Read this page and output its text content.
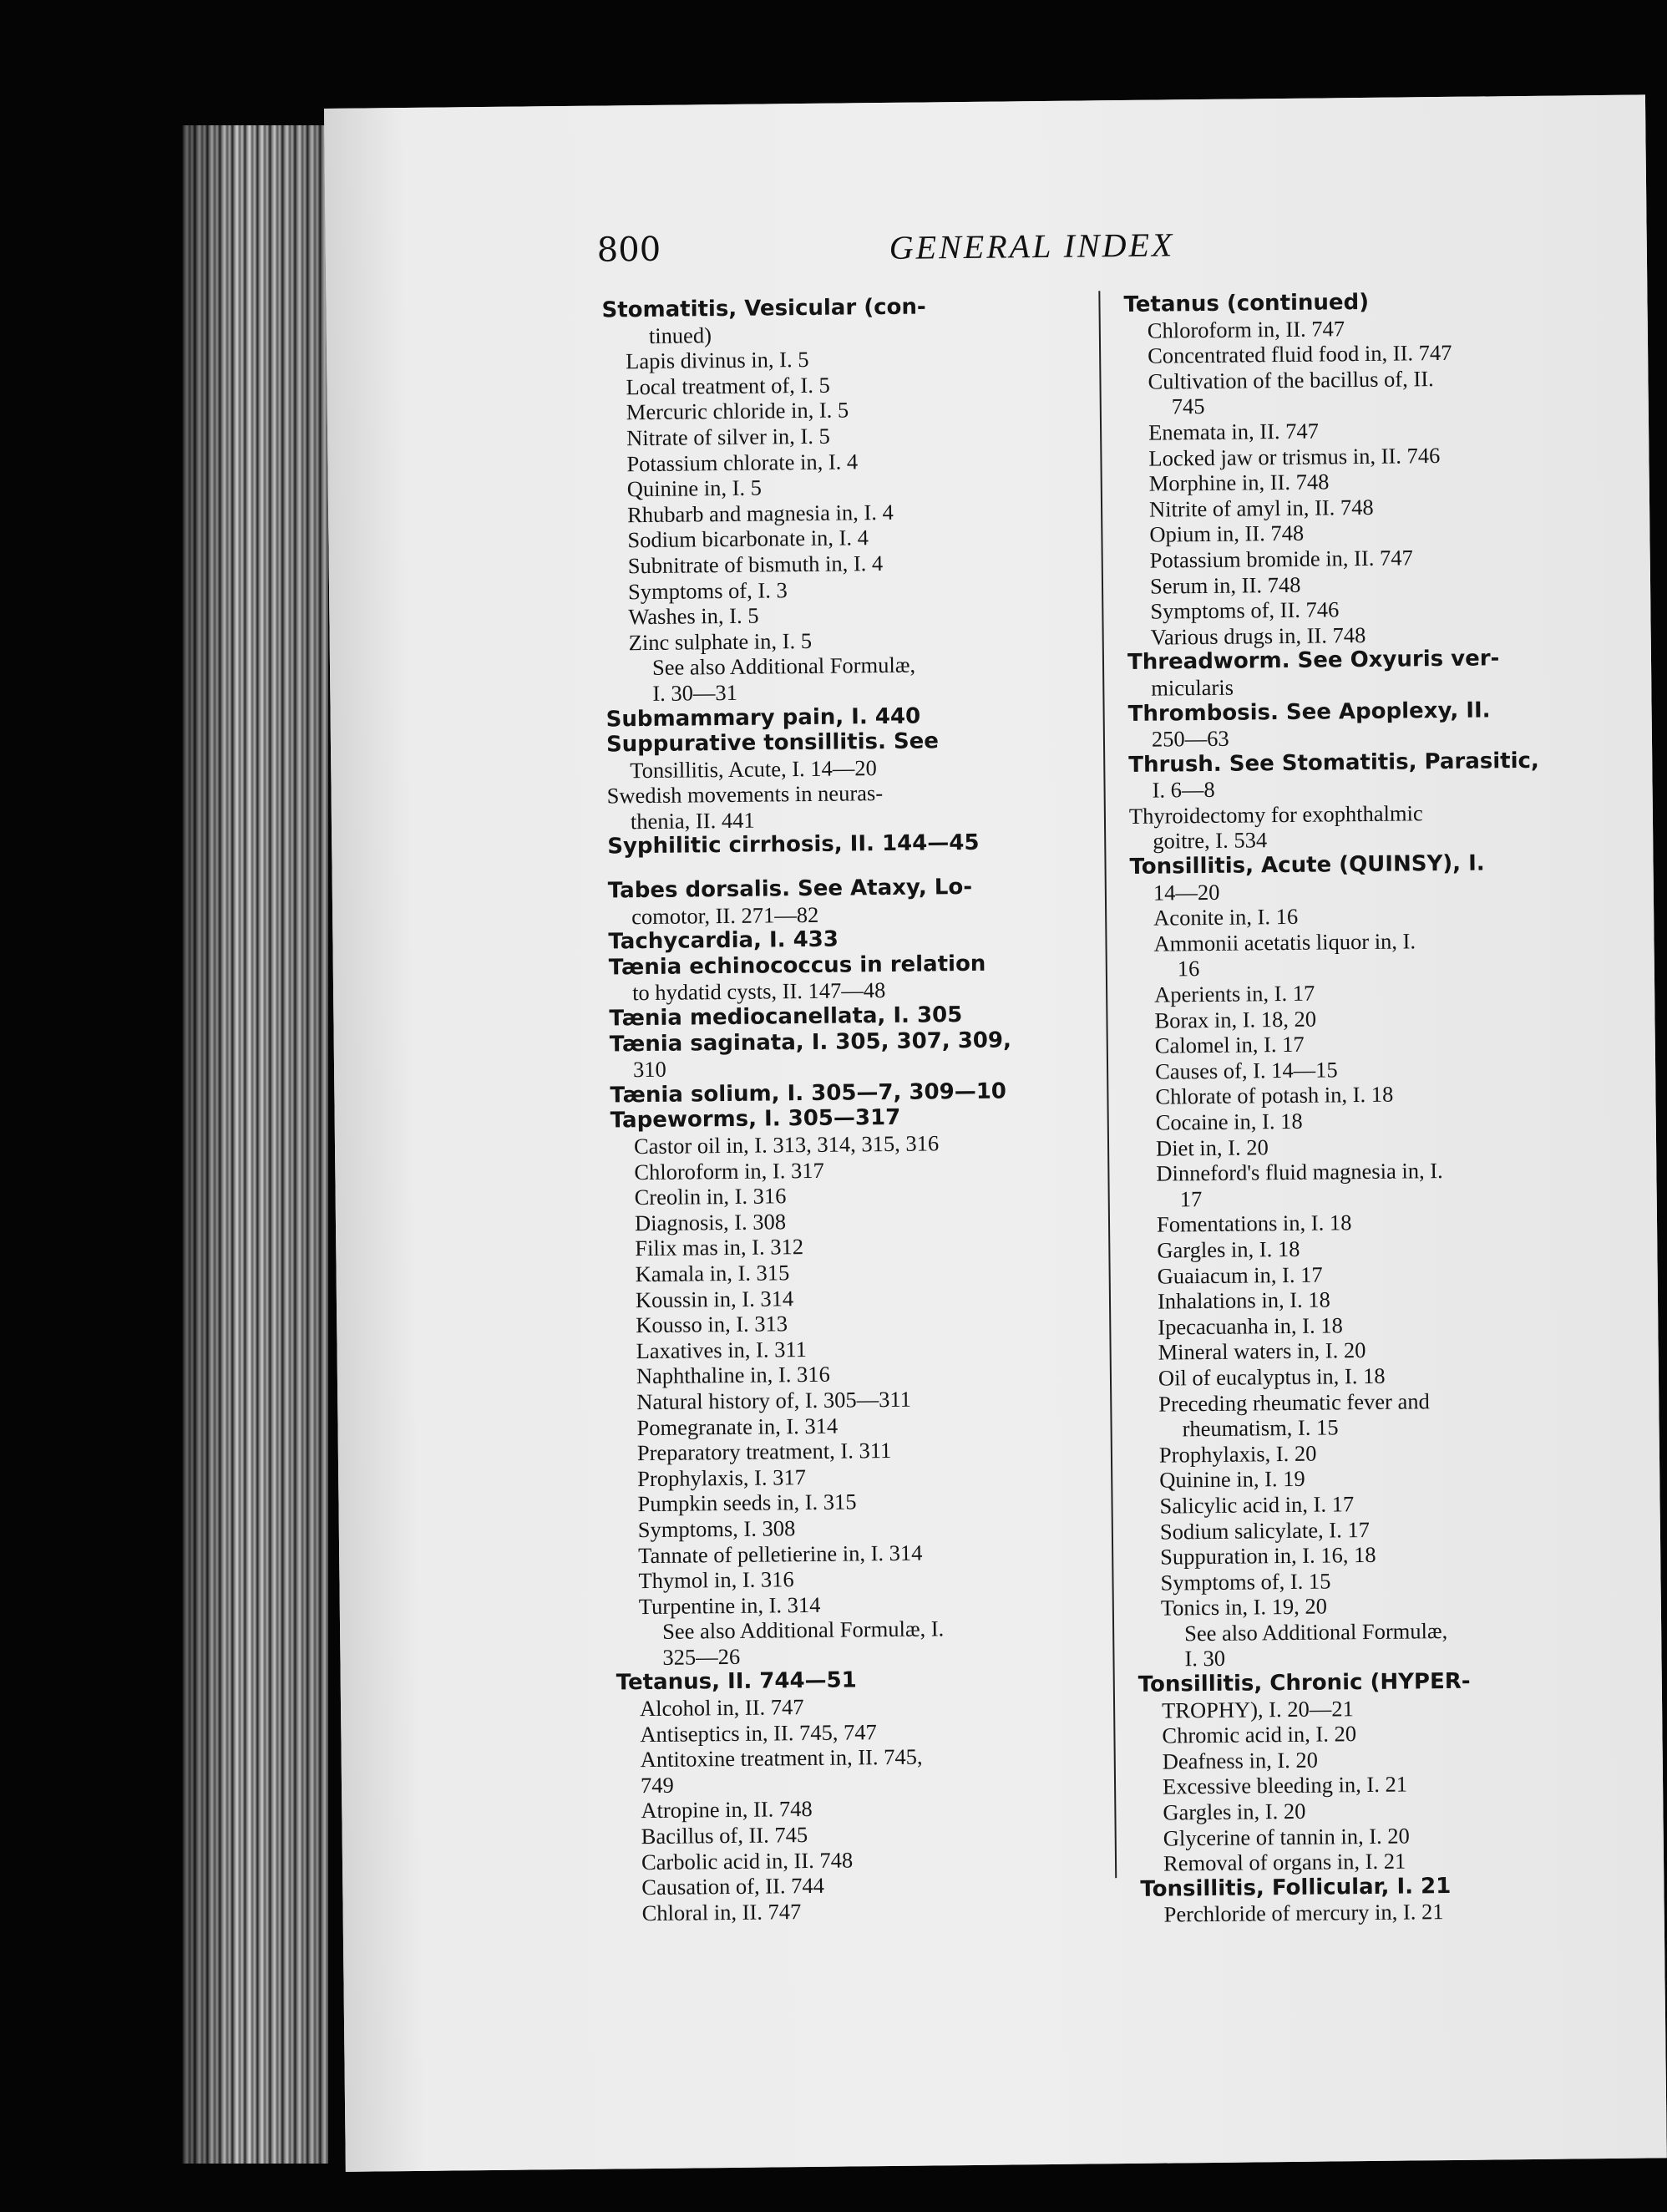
800	GENERAL INDEX
Stomatitis, Vesicular (con-
tinued)
Lapis divinus in, I. 5
Local treatment of, I. 5
Mercuric chloride in, I. 5
Nitrate of silver in, I. 5
Potassium chlorate in, I. 4
Quinine in, I. 5
Rhubarb and magnesia in, I. 4
Sodium bicarbonate in, I. 4
Subnitrate of bismuth in, I. 4
Symptoms of, I. 3
Washes in, I. 5
Zinc sulphate in, I. 5
See also Additional Formulæ,
I. 30—31
Submammary pain, I. 440
Suppurative tonsillitis. See
Tonsillitis, Acute, I. 14—20
Swedish movements in neuras-
thenia, II. 441
Syphilitic cirrhosis, II. 144—45
Tabes dorsalis. See Ataxy, Lo-
comotor, II. 271—82
Tachycardia, I. 433
Tænia echinococcus in relation
to hydatid cysts, II. 147—48
Tænia mediocanellata, I. 305
Tænia saginata, I. 305, 307, 309,
310
Tænia solium, I. 305—7, 309—10
Tapeworms, I. 305—317
Castor oil in, I. 313, 314, 315, 316
Chloroform in, I. 317
Creolin in, I. 316
Diagnosis, I. 308
Filix mas in, I. 312
Kamala in, I. 315
Koussin in, I. 314
Kousso in, I. 313
Laxatives in, I. 311
Naphthaline in, I. 316
Natural history of, I. 305—311
Pomegranate in, I. 314
Preparatory treatment, I. 311
Prophylaxis, I. 317
Pumpkin seeds in, I. 315
Symptoms, I. 308
Tannate of pelletierine in, I. 314
Thymol in, I. 316
Turpentine in, I. 314
See also Additional Formulæ, I.
325—26
Tetanus, II. 744—51
Alcohol in, II. 747
Antiseptics in, II. 745, 747
Antitoxine treatment in, II. 745,
749
Atropine in, II. 748
Bacillus of, II. 745
Carbolic acid in, II. 748
Causation of, II. 744
Chloral in, II. 747
Tetanus (continued)
Chloroform in, II. 747
Concentrated fluid food in, II. 747
Cultivation of the bacillus of, II.
745
Enemata in, II. 747
Locked jaw or trismus in, II. 746
Morphine in, II. 748
Nitrite of amyl in, II. 748
Opium in, II. 748
Potassium bromide in, II. 747
Serum in, II. 748
Symptoms of, II. 746
Various drugs in, II. 748
Threadworm. See Oxyuris ver-
micularis
Thrombosis. See Apoplexy, II.
250—63
Thrush. See Stomatitis, Parasitic,
I. 6—8
Thyroidectomy for exophthalmic
goitre, I. 534
Tonsillitis, Acute (QUINSY), I.
14—20
Aconite in, I. 16
Ammonii acetatis liquor in, I.
16
Aperients in, I. 17
Borax in, I. 18, 20
Calomel in, I. 17
Causes of, I. 14—15
Chlorate of potash in, I. 18
Cocaine in, I. 18
Diet in, I. 20
Dinneford's fluid magnesia in, I.
17
Fomentations in, I. 18
Gargles in, I. 18
Guaiacum in, I. 17
Inhalations in, I. 18
Ipecacuanha in, I. 18
Mineral waters in, I. 20
Oil of eucalyptus in, I. 18
Preceding rheumatic fever and
rheumatism, I. 15
Prophylaxis, I. 20
Quinine in, I. 19
Salicylic acid in, I. 17
Sodium salicylate, I. 17
Suppuration in, I. 16, 18
Symptoms of, I. 15
Tonics in, I. 19, 20
See also Additional Formulæ,
I. 30
Tonsillitis, Chronic (HYPER-
TROPHY), I. 20—21
Chromic acid in, I. 20
Deafness in, I. 20
Excessive bleeding in, I. 21
Gargles in, I. 20
Glycerine of tannin in, I. 20
Removal of organs in, I. 21
Tonsillitis, Follicular, I. 21
Perchloride of mercury in, I. 21
